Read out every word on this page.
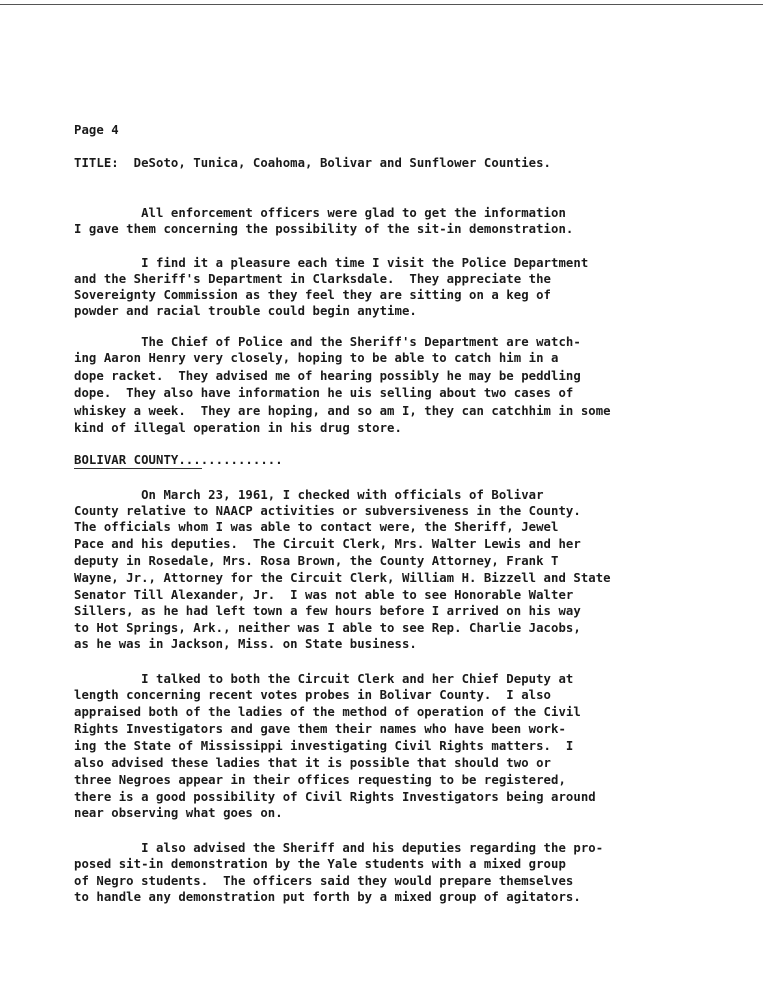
Page 4
TITLE:  DeSoto, Tunica, Coahoma, Bolivar and Sunflower Counties.
All enforcement officers were glad to get the information
I gave them concerning the possibility of the sit-in demonstration.
I find it a pleasure each time I visit the Police Department
and the Sheriff's Department in Clarksdale.  They appreciate the
Sovereignty Commission as they feel they are sitting on a keg of
powder and racial trouble could begin anytime.
The Chief of Police and the Sheriff's Department are watch-
ing Aaron Henry very closely, hoping to be able to catch him in a
dope racket.  They advised me of hearing possibly he may be peddling
dope.  They also have information he uis selling about two cases of
whiskey a week.  They are hoping, and so am I, they can catchhim in some
kind of illegal operation in his drug store.
BOLIVAR COUNTY..............
On March 23, 1961, I checked with officials of Bolivar
County relative to NAACP activities or subversiveness in the County.
The officials whom I was able to contact were, the Sheriff, Jewel
Pace and his deputies.  The Circuit Clerk, Mrs. Walter Lewis and her
deputy in Rosedale, Mrs. Rosa Brown, the County Attorney, Frank T
Wayne, Jr., Attorney for the Circuit Clerk, William H. Bizzell and State
Senator Till Alexander, Jr.  I was not able to see Honorable Walter
Sillers, as he had left town a few hours before I arrived on his way
to Hot Springs, Ark., neither was I able to see Rep. Charlie Jacobs,
as he was in Jackson, Miss. on State business.
I talked to both the Circuit Clerk and her Chief Deputy at
length concerning recent votes probes in Bolivar County.  I also
appraised both of the ladies of the method of operation of the Civil
Rights Investigators and gave them their names who have been work-
ing the State of Mississippi investigating Civil Rights matters.  I
also advised these ladies that it is possible that should two or
three Negroes appear in their offices requesting to be registered,
there is a good possibility of Civil Rights Investigators being around
near observing what goes on.
I also advised the Sheriff and his deputies regarding the pro-
posed sit-in demonstration by the Yale students with a mixed group
of Negro students.  The officers said they would prepare themselves
to handle any demonstration put forth by a mixed group of agitators.
